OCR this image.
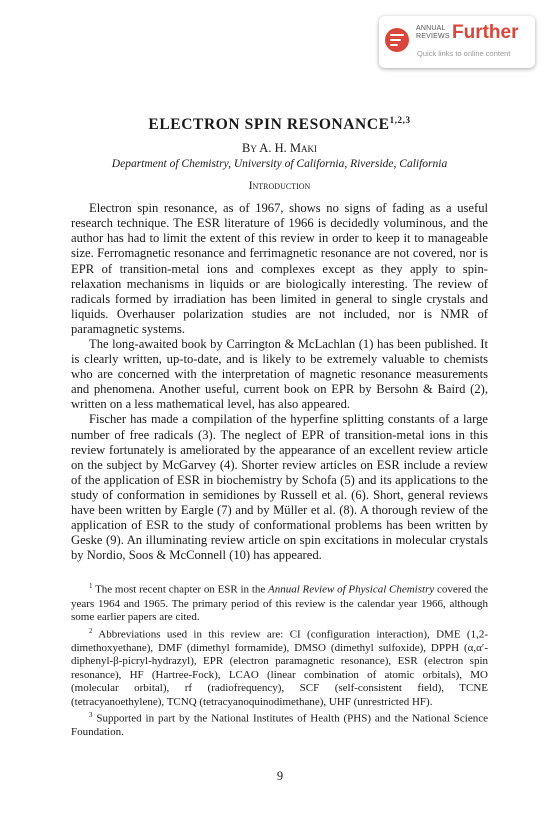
ANNUAL REVIEWS Further
Quick links to online content
ELECTRON SPIN RESONANCE$^{1,2,3}$
By A. H. Maki
Department of Chemistry, University of California, Riverside, California
Introduction

Electron spin resonance, as of 1967, shows no signs of fading as a useful research technique. The ESR literature of 1966 is decidedly voluminous, and the author has had to limit the extent of this review in order to keep it to manageable size. Ferromagnetic resonance and ferrimagnetic resonance are not covered, nor is EPR of transition-metal ions and complexes except as they apply to spin-relaxation mechanisms in liquids or are biologically interesting. The review of radicals formed by irradiation has been limited in general to single crystals and liquids. Overhauser polarization studies are not included, nor is NMR of paramagnetic systems.

The long-awaited book by Carrington & McLachlan (1) has been published. It is clearly written, up-to-date, and is likely to be extremely valuable to chemists who are concerned with the interpretation of magnetic resonance measurements and phenomena. Another useful, current book on EPR by Bersohn & Baird (2), written on a less mathematical level, has also appeared.

Fischer has made a compilation of the hyperfine splitting constants of a large number of free radicals (3). The neglect of EPR of transition-metal ions in this review fortunately is ameliorated by the appearance of an excellent review article on the subject by McGarvey (4). Shorter review articles on ESR include a review of the application of ESR in biochemistry by Schofa (5) and its applications to the study of conformation in semidiones by Russell et al. (6). Short, general reviews have been written by Eargle (7) and by Müller et al. (8). A thorough review of the application of ESR to the study of conformational problems has been written by Geske (9). An illuminating review article on spin excitations in molecular crystals by Nordio, Soos & McConnell (10) has appeared.

$^1$ The most recent chapter on ESR in the Annual Review of Physical Chemistry covered the years 1964 and 1965. The primary period of this review is the calendar year 1966, although some earlier papers are cited.

$^2$ Abbreviations used in this review are: CI (configuration interaction), DME (1,2-dimethoxyethane), DMF (dimethyl formamide), DMSO (dimethyl sulfoxide), DPPH (α,α′-diphenyl-β-picryl-hydrazyl), EPR (electron paramagnetic resonance), ESR (electron spin resonance), HF (Hartree-Fock), LCAO (linear combination of atomic orbitals), MO (molecular orbital), rf (radiofrequency), SCF (self-consistent field), TCNE (tetracyanoethylene), TCNQ (tetracyanoquinodimethane), UHF (unrestricted HF).

$^3$ Supported in part by the National Institutes of Health (PHS) and the National Science Foundation.

9
